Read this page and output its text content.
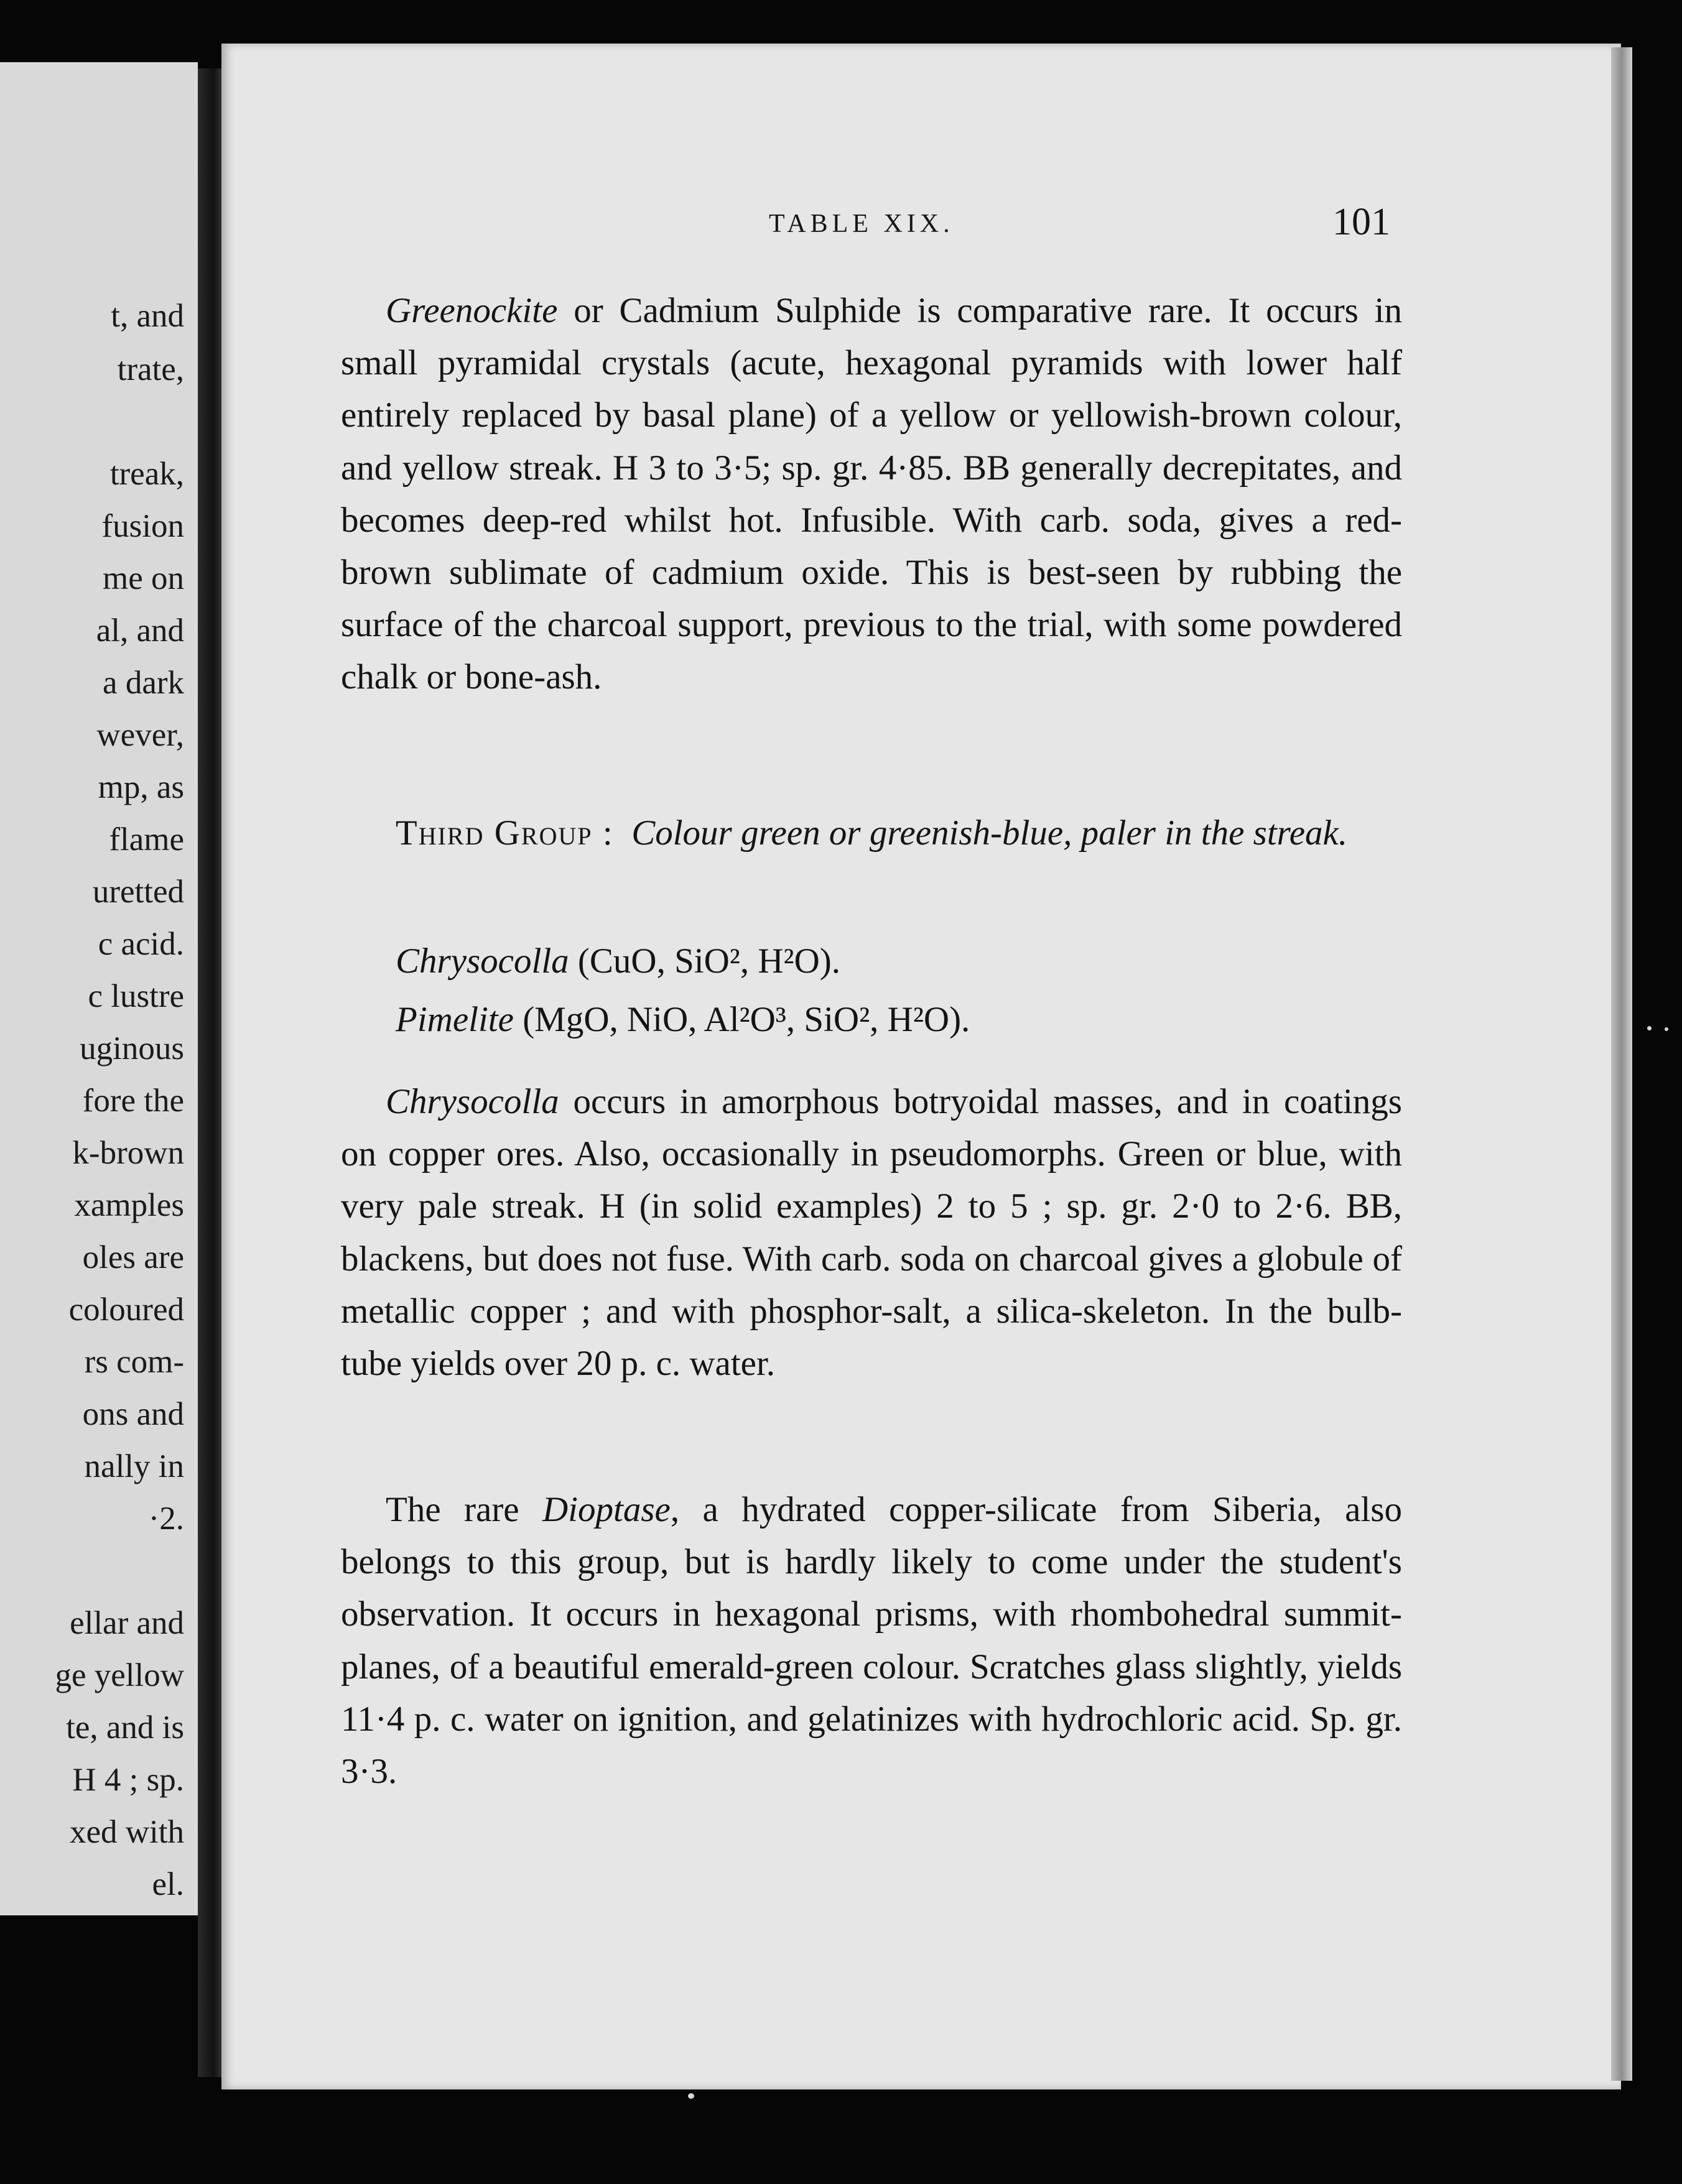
t, and

trate,

treak,

fusion

me on

al, and

a dark

wever,

mp, as

flame

uretted

c acid.

c lustre

uginous

fore the

k-brown

xamples

oles are

coloured

rs com-

ons and

nally in

·2.

ellar and

ge yellow

te, and is

H 4 ; sp.

xed with

el.

TABLE XIX.	101

Greenockite or Cadmium Sulphide is comparative rare. It occurs in small pyramidal crystals (acute, hexagonal pyramids with lower half entirely replaced by basal plane) of a yellow or yellowish-brown colour, and yellow streak. H 3 to 3·5; sp. gr. 4·85. BB generally decrepitates, and becomes deep-red whilst hot. Infusible. With carb. soda, gives a red-brown sublimate of cadmium oxide. This is best-seen by rubbing the surface of the charcoal support, previous to the trial, with some powdered chalk or bone-ash.

Third Group : Colour green or greenish-blue, paler in the streak.

Chrysocolla (CuO, SiO², H²O).

Pimelite (MgO, NiO, Al²O³, SiO², H²O).

Chrysocolla occurs in amorphous botryoidal masses, and in coatings on copper ores. Also, occasionally in pseudomorphs. Green or blue, with very pale streak. H (in solid examples) 2 to 5 ; sp. gr. 2·0 to 2·6. BB, blackens, but does not fuse. With carb. soda on charcoal gives a globule of metallic copper ; and with phosphor-salt, a silica-skeleton. In the bulb-tube yields over 20 p. c. water.

The rare Dioptase, a hydrated copper-silicate from Siberia, also belongs to this group, but is hardly likely to come under the student's observation. It occurs in hexagonal prisms, with rhombohedral summit-planes, of a beautiful emerald-green colour. Scratches glass slightly, yields 11·4 p. c. water on ignition, and gelatinizes with hydrochloric acid. Sp. gr. 3·3.
